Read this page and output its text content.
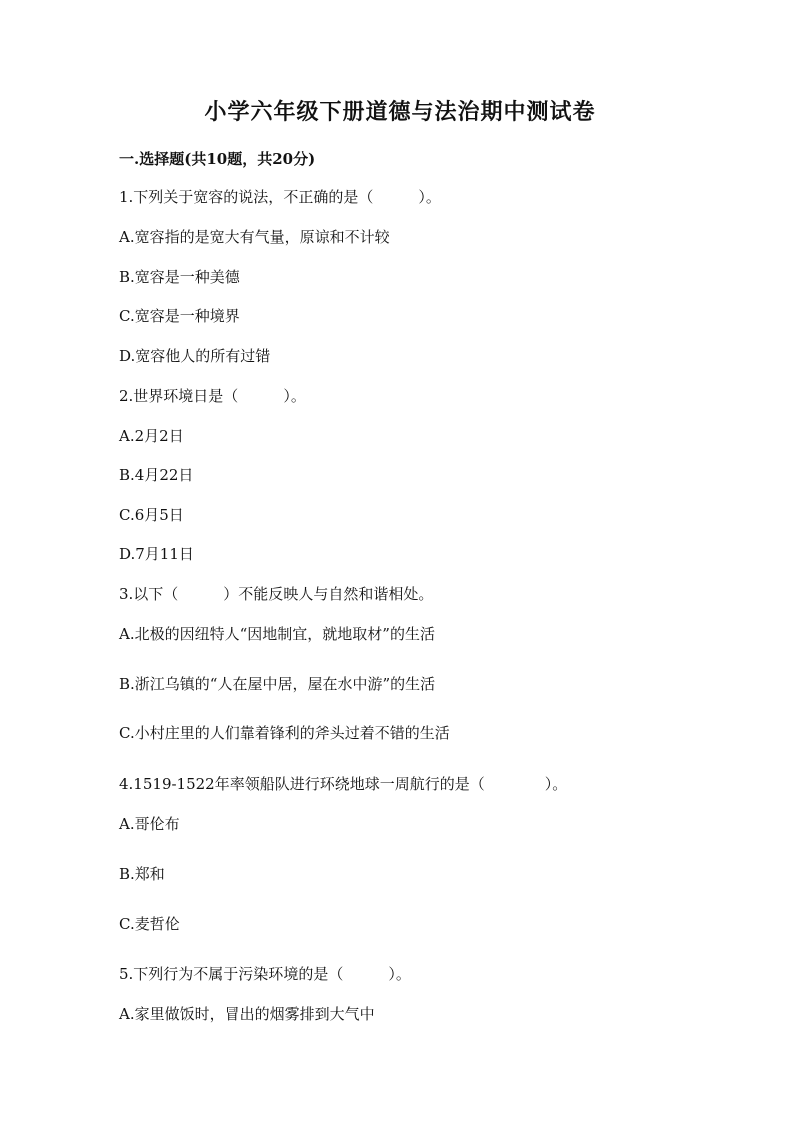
小学六年级下册道德与法治期中测试卷
一.选择题(共10题，共20分)

1.下列关于宽容的说法，不正确的是（　　　）。

A.宽容指的是宽大有气量，原谅和不计较

B.宽容是一种美德

C.宽容是一种境界

D.宽容他人的所有过错

2.世界环境日是（　　　）。

A.2月2日

B.4月22日

C.6月5日

D.7月11日

3.以下（　　　）不能反映人与自然和谐相处。

A.北极的因纽特人“因地制宜，就地取材”的生活

B.浙江乌镇的“人在屋中居，屋在水中游”的生活

C.小村庄里的人们靠着锋利的斧头过着不错的生活

4.1519-1522年率领船队进行环绕地球一周航行的是（　　　　）。

A.哥伦布

B.郑和

C.麦哲伦

5.下列行为不属于污染环境的是（　　　）。

A.家里做饭时，冒出的烟雾排到大气中
